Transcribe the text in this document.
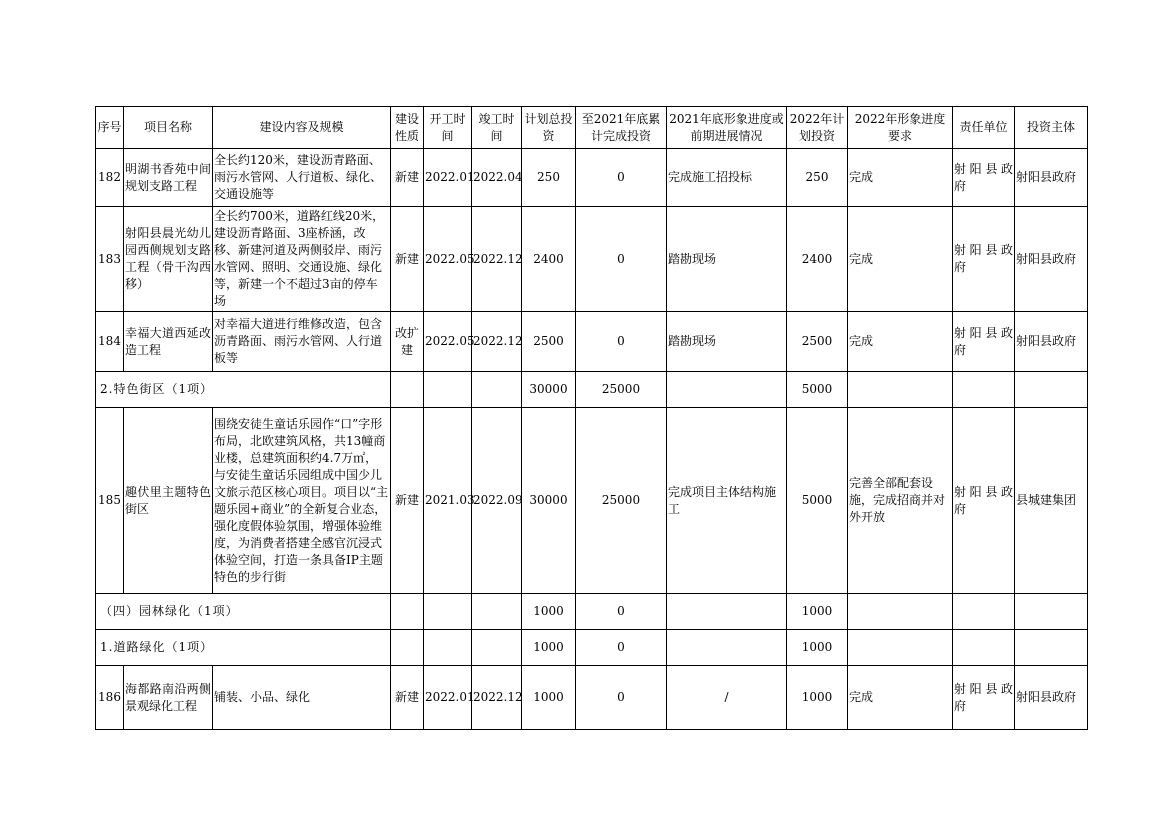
序号	项目名称	建设内容及规模	建设性质	开工时间	竣工时间	计划总投资	至2021年底累计完成投资	2021年底形象进度或前期进展情况	2022年计划投资	2022年形象进度要求	责任单位	投资主体
182	明湖书香苑中间规划支路工程	全长约120米，建设沥青路面、雨污水管网、人行道板、绿化、交通设施等	新建	2022.01	2022.04	250	0	完成施工招投标	250	完成	射阳县政府	射阳县政府
183	射阳县晨光幼儿园西侧规划支路工程（骨干沟西移）	全长约700米，道路红线20米，建设沥青路面、3座桥涵，改移、新建河道及两侧驳岸、雨污水管网、照明、交通设施、绿化等，新建一个不超过3亩的停车场	新建	2022.05	2022.12	2400	0	踏勘现场	2400	完成	射阳县政府	射阳县政府
184	幸福大道西延改造工程	对幸福大道进行维修改造，包含沥青路面、雨污水管网、人行道板等	改扩建	2022.05	2022.12	2500	0	踏勘现场	2500	完成	射阳县政府	射阳县政府
2.特色街区（1项）						30000	25000		5000			
185	趣伏里主题特色街区	围绕安徒生童话乐园作“口”字形布局，北欧建筑风格，共13幢商业楼，总建筑面积约4.7万㎡，与安徒生童话乐园组成中国少儿文旅示范区核心项目。项目以“主题乐园+商业”的全新复合业态，强化度假体验氛围，增强体验维度，为消费者搭建全感官沉浸式体验空间，打造一条具备IP主题特色的步行街	新建	2021.03	2022.09	30000	25000	完成项目主体结构施工	5000	完善全部配套设施，完成招商并对外开放	射阳县政府	县城建集团
（四）园林绿化（1项）						1000	0		1000			
1.道路绿化（1项）						1000	0		1000			
186	海都路南沿两侧景观绿化工程	铺装、小品、绿化	新建	2022.01	2022.12	1000	0	/	1000	完成	射阳县政府	射阳县政府
